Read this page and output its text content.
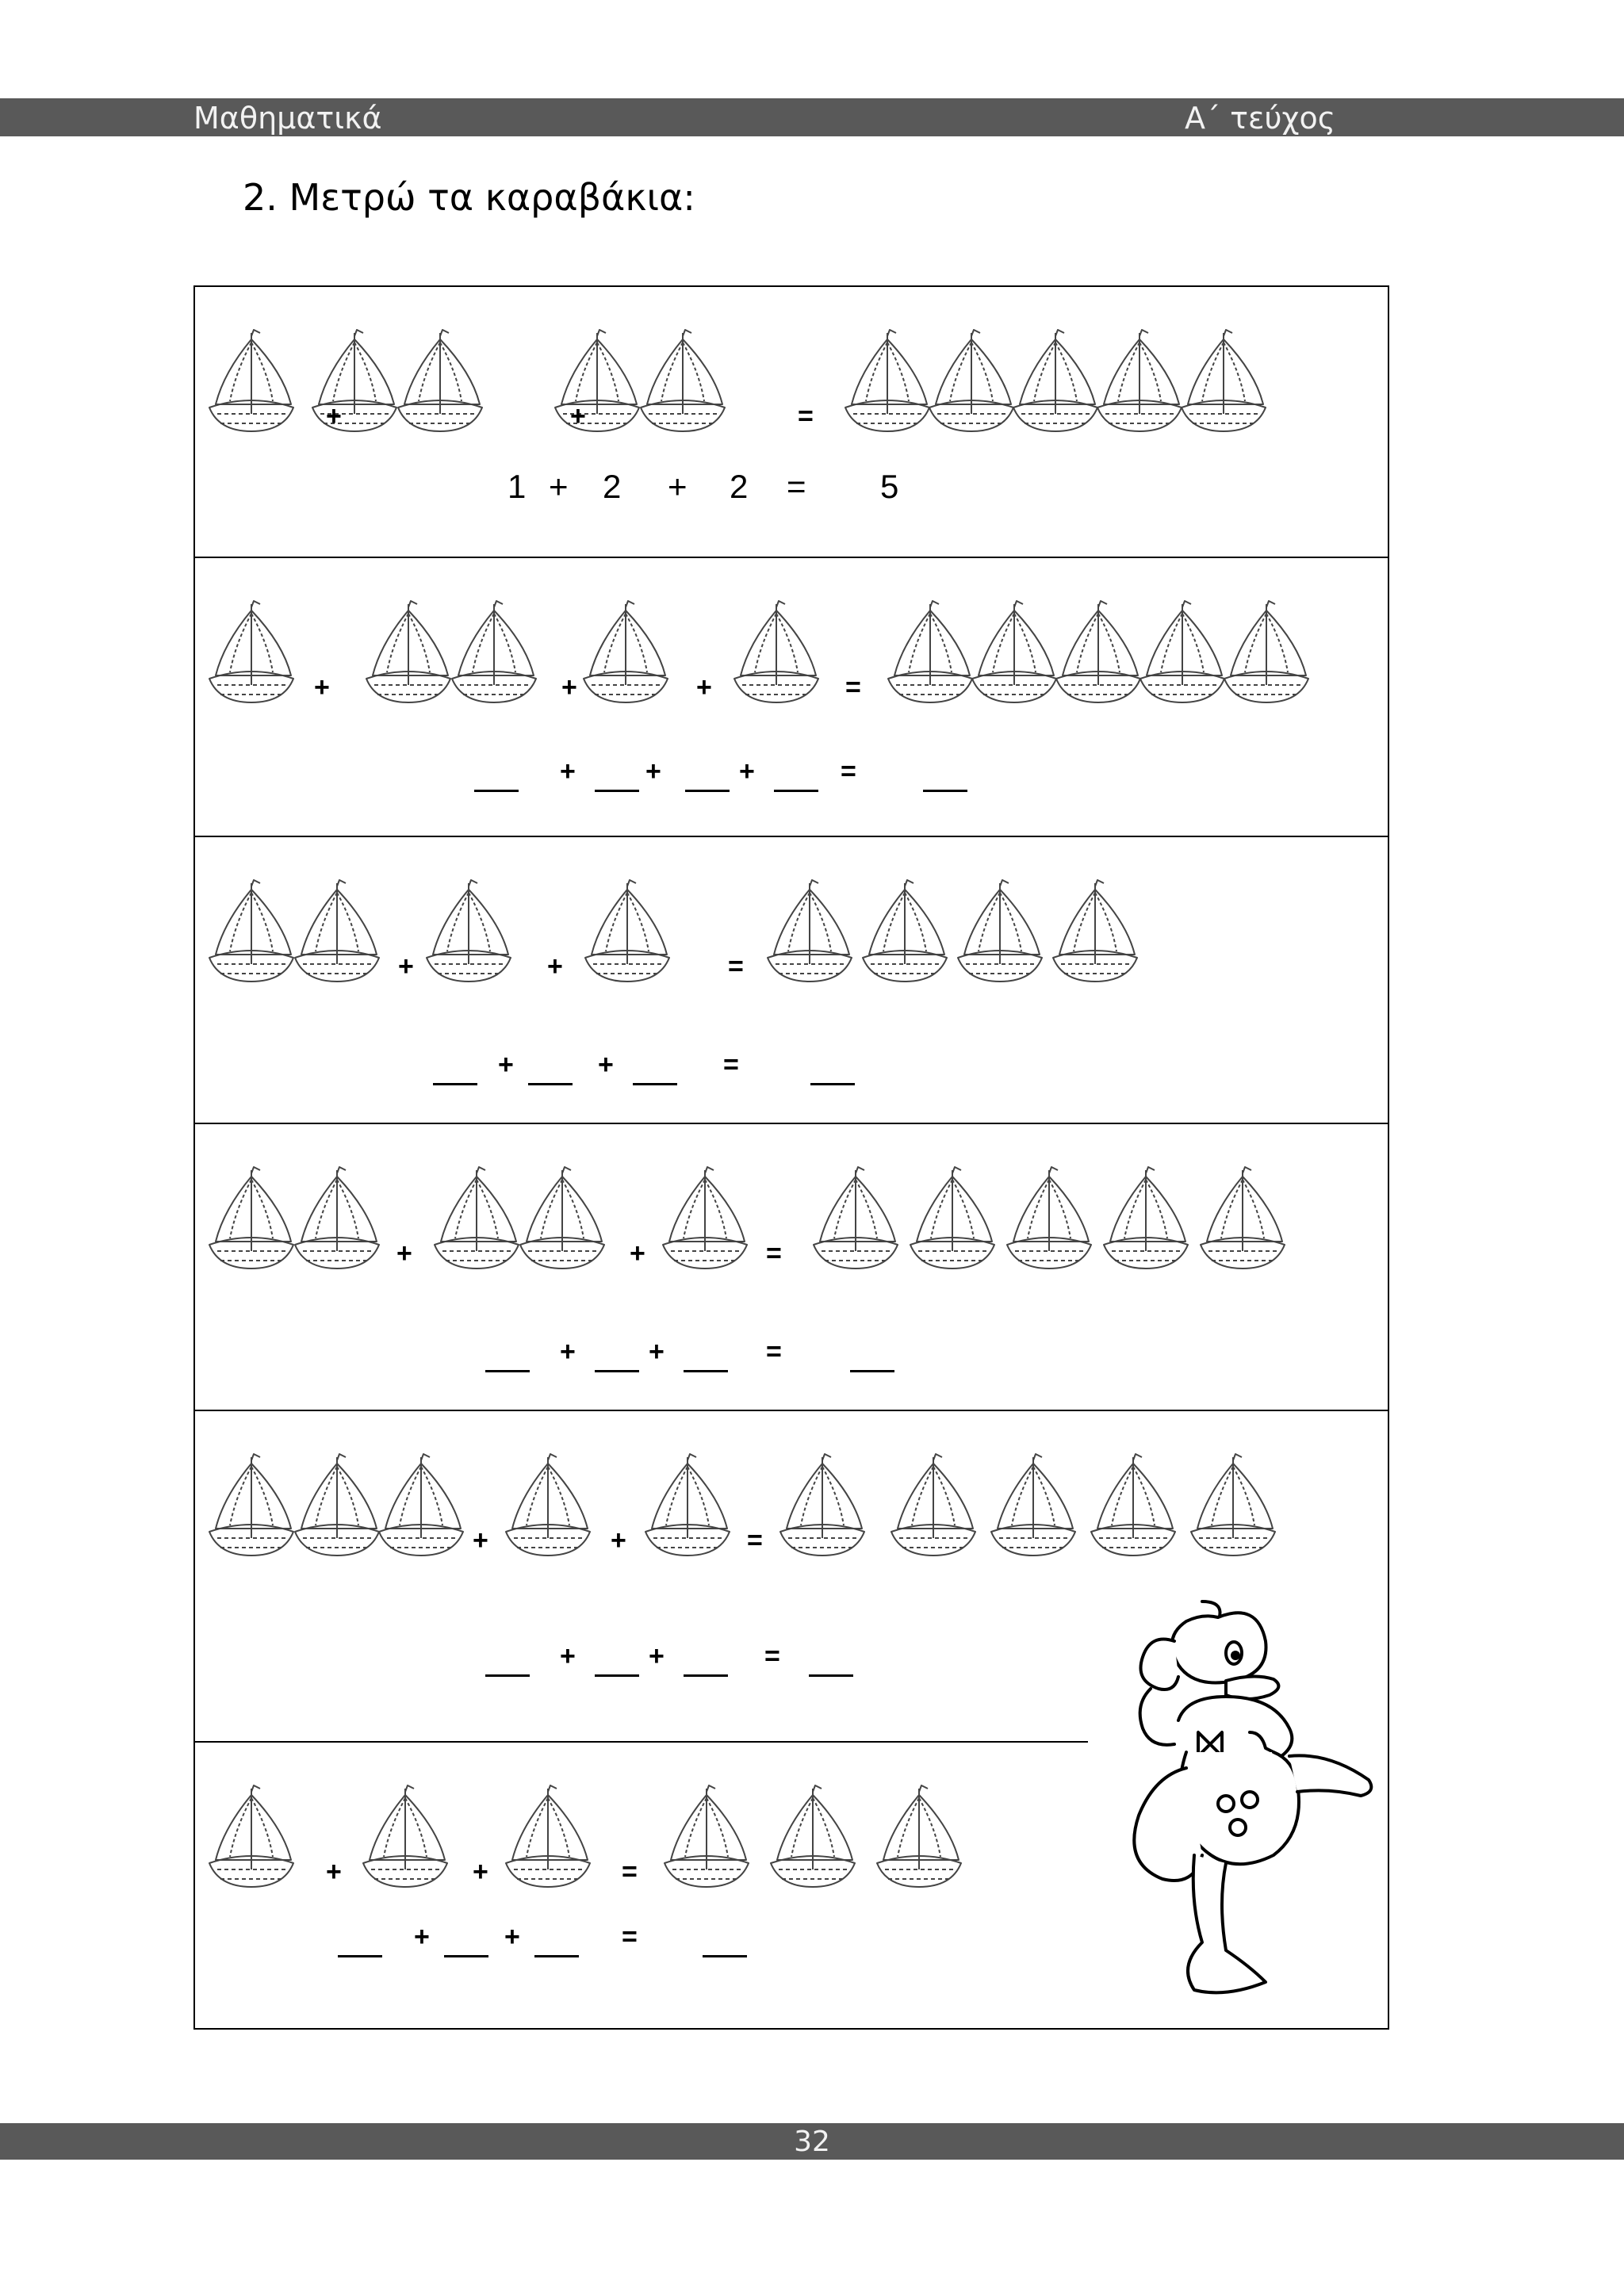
Μαθηματικά	Α΄ τεύχος
2. Μετρώ τα καραβάκια:
+	+	=
1 + 2 + 2 = 5
+	+	+	=
+	+	+	=
+	+	=
+	+	=
+	+	=
+	+	=
+	+	=
+	+	=
+	+	=
+	+	=
32
